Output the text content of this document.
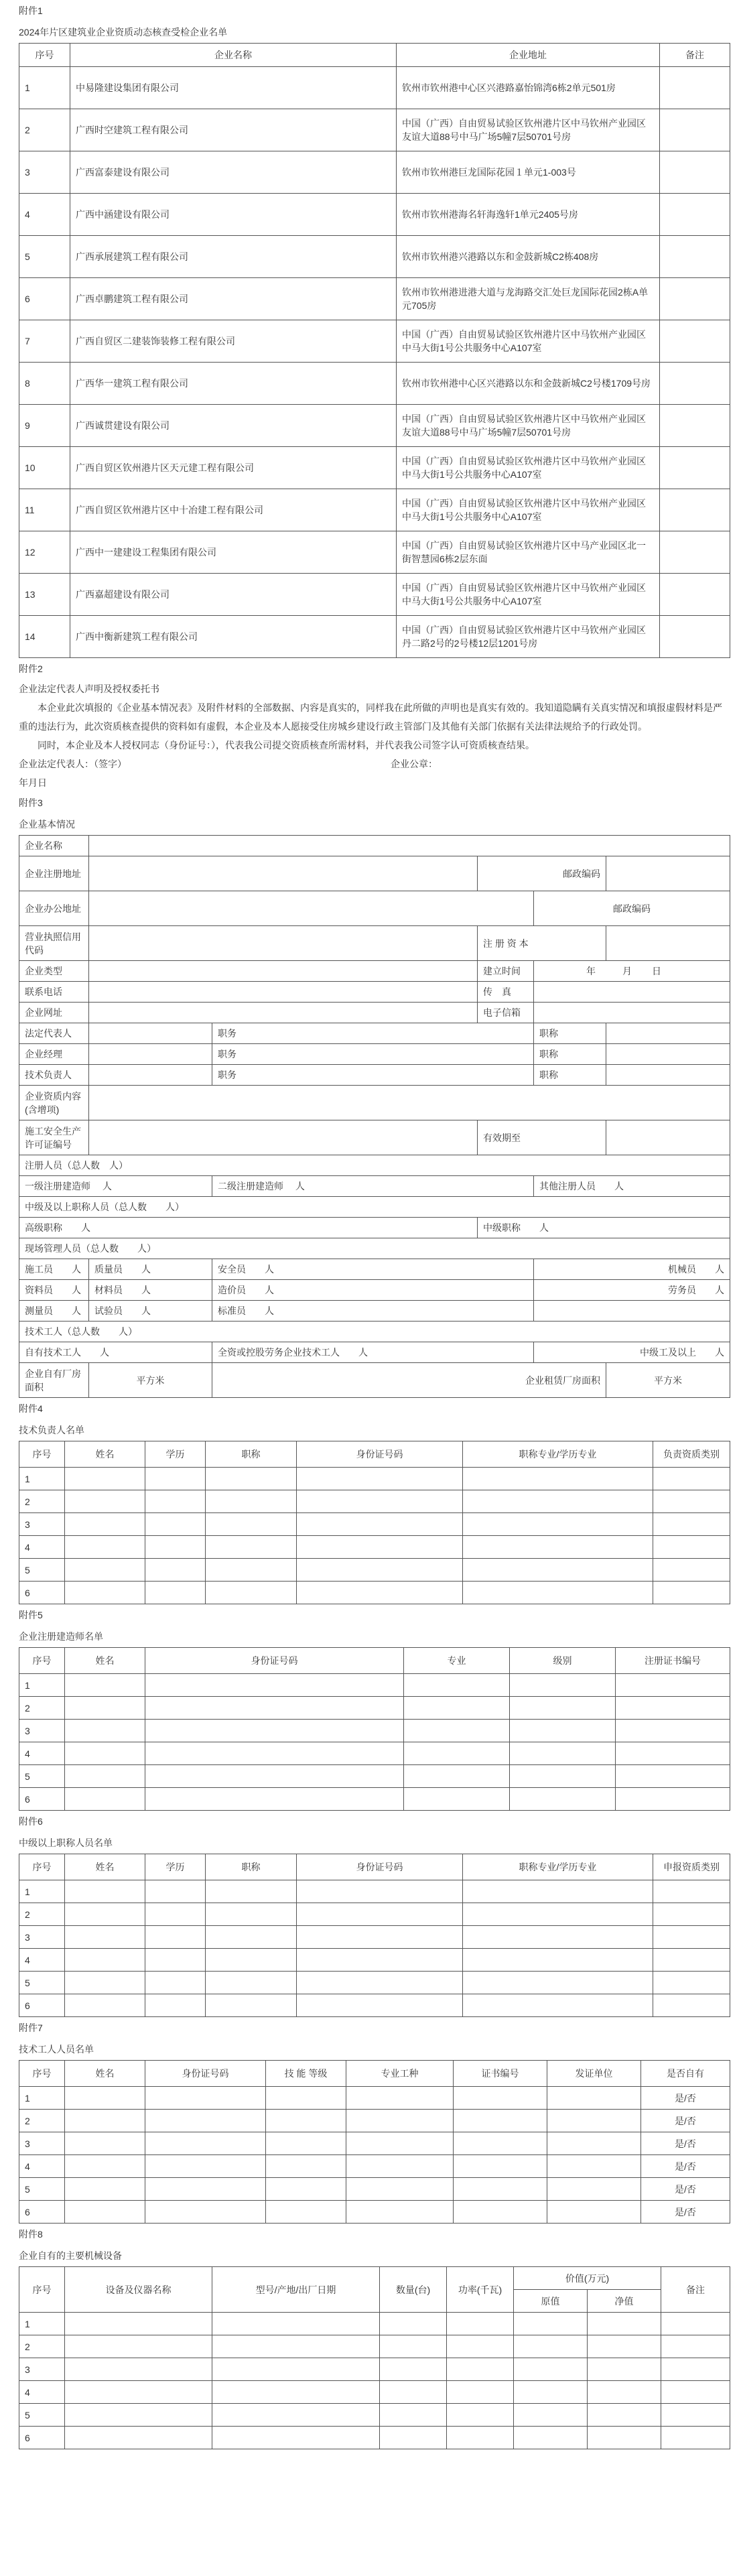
附件1
2024年片区建筑业企业资质动态核查受检企业名单
序号	企业名称	企业地址	备注
1	中易隆建设集团有限公司	钦州市钦州港中心区兴港路嘉怡锦湾6栋2单元501房	
2	广西时空建筑工程有限公司	中国（广西）自由贸易试验区钦州港片区中马钦州产业园区友谊大道88号中马广场5幢7层50701号房	
3	广西富泰建设有限公司	钦州市钦州港巨龙国际花园１单元1-003号	
4	广西中涵建设有限公司	钦州市钦州港海名轩海逸轩1单元2405号房	
5	广西承展建筑工程有限公司	钦州市钦州港兴港路以东和金鼓新城C2栋408房	
6	广西卓鹏建筑工程有限公司	钦州市钦州港进港大道与龙海路交汇处巨龙国际花园2栋A单元705房	
7	广西自贸区二建装饰装修工程有限公司	中国（广西）自由贸易试验区钦州港片区中马钦州产业园区中马大街1号公共服务中心A107室	
8	广西华一建筑工程有限公司	钦州市钦州港中心区兴港路以东和金鼓新城C2号楼1709号房	
9	广西诚贯建设有限公司	中国（广西）自由贸易试验区钦州港片区中马钦州产业园区友谊大道88号中马广场5幢7层50701号房	
10	广西自贸区钦州港片区天元建工程有限公司	中国（广西）自由贸易试验区钦州港片区中马钦州产业园区中马大街1号公共服务中心A107室	
11	广西自贸区钦州港片区中十冶建工程有限公司	中国（广西）自由贸易试验区钦州港片区中马钦州产业园区中马大街1号公共服务中心A107室	
12	广西中一建建设工程集团有限公司	中国（广西）自由贸易试验区钦州港片区中马产业园区北一街智慧园6栋2层东面	
13	广西嘉超建设有限公司	中国（广西）自由贸易试验区钦州港片区中马钦州产业园区中马大街1号公共服务中心A107室	
14	广西中衡新建筑工程有限公司	中国（广西）自由贸易试验区钦州港片区中马钦州产业园区丹二路2号的2号楼12层1201号房	
附件2

企业法定代表人声明及授权委托书

本企业此次填报的《企业基本情况表》及附件材料的全部数据、内容是真实的，同样我在此所做的声明也是真实有效的。我知道隐瞒有关真实情况和填报虚假材料是严重的违法行为，此次资质核查提供的资料如有虚假，本企业及本人愿接受住房城乡建设行政主管部门及其他有关部门依据有关法律法规给予的行政处罚。

同时，本企业及本人授权同志（身份证号：），代表我公司提交资质核查所需材料，并代表我公司签字认可资质核查结果。

企业法定代表人：（签字）	企业公章：

年月日

附件3
企业基本情况
企业名称					
企业注册地址			邮政编码		
企业办公地址				邮政编码	
营业执照信用代码			注 册 资 本		
企业类型			建立时间	年 月 日	
联系电话			传　真		
企业网址			电子信箱		
法定代表人		职务		职称	
企业经理		职务		职称	
技术负责人		职务		职称	
企业资质内容(含增项)					
施工安全生产许可证编号			有效期至		
注册人员（总人数　人）					
一级注册建造师　 人		二级注册建造师　 人		其他注册人员　　人	
中级及以上职称人员（总人数　　人）					
高级职称　　人			中级职称　　人		
现场管理人员（总人数　　人）					
施工员　　人	质量员　　人	安全员　　人		机械员　　人	
资料员　　人	材料员　　人	造价员　　人		劳务员　　人	
测量员　　人	试验员　　人	标准员　　人			
技术工人（总人数　　人）					
自有技术工人　　人		全资或控股劳务企业技术工人　　人		中级工及以上　　人	
企业自有厂房面积	平方米	企业租赁厂房面积			平方米
附件4
技术负责人名单
序号	姓名	学历	职称	身份证号码	职称专业/学历专业	负责资质类别
1						
2						
3						
4						
5						
6						
附件5
企业注册建造师名单
序号	姓名	身份证号码	专业	级别	注册证书编号
1					
2					
3					
4					
5					
6					
附件6
中级以上职称人员名单
序号	姓名	学历	职称	身份证号码	职称专业/学历专业	申报资质类别
1						
2						
3						
4						
5						
6						
附件7
技术工人人员名单
序号	姓名	身份证号码	技 能 等级	专业工种	证书编号	发证单位	是否自有
1							是/否
2							是/否
3							是/否
4							是/否
5							是/否
6							是/否
附件8
企业自有的主要机械设备
序号	设备及仪器名称	型号/产地/出厂日期	数量(台)	功率(千瓦)	价值(万元)		备注
					原值	净值	
1							
2							
3							
4							
5							
6							
